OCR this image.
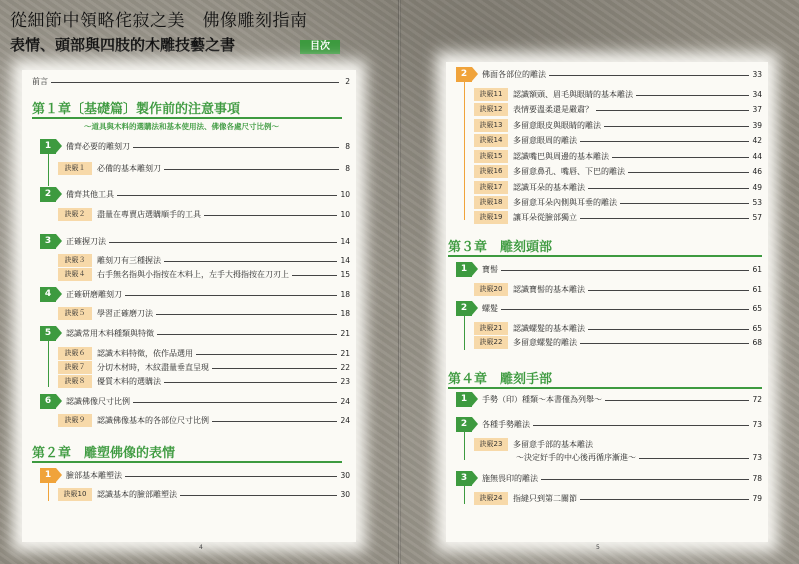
從細節中領略侘寂之美　佛像雕刻指南
表情、頭部與四肢的木雕技藝之書	目次
前言	2
第１章〔基礎篇〕製作前的注意事項
～道具與木料的選購法和基本使用法、佛像各處尺寸比例～
1	備齊必要的雕刻刀	8
訣竅１	必備的基本雕刻刀	8
2	備齊其他工具	10
訣竅２	盡量在專賣店選購順手的工具	10
3	正確握刀法	14
訣竅３	雕刻刀有三種握法	14
訣竅４	右手無名指與小指按在木料上，左手大拇指按在刀刃上	15
4	正確研磨雕刻刀	18
訣竅５	學習正確磨刀法	18
5	認識常用木料種類與特徵	21
訣竅６	認識木料特徵，依作品選用	21
訣竅７	分切木材時，木紋盡量垂直呈現	22
訣竅８	優質木料的選購法	23
6	認識佛像尺寸比例	24
訣竅９	認識佛像基本的各部位尺寸比例	24
第２章　雕塑佛像的表情
1	臉部基本雕塑法	30
訣竅10	認識基本的臉部雕塑法	30
4
2	佛面各部位的雕法	33
訣竅11	認識額頭、眉毛與眼睛的基本雕法	34
訣竅12	表情要溫柔還是嚴肅？	37
訣竅13	多留意眼皮與眼睛的雕法	39
訣竅14	多留意眼周的雕法	42
訣竅15	認識嘴巴與周邊的基本雕法	44
訣竅16	多留意鼻孔、嘴唇、下巴的雕法	46
訣竅17	認識耳朵的基本雕法	49
訣竅18	多留意耳朵內側與耳垂的雕法	53
訣竅19	讓耳朵從臉部獨立	57
第３章　雕刻頭部
1	寶髻	61
訣竅20	認識寶髻的基本雕法	61
2	螺髮	65
訣竅21	認識螺髮的基本雕法	65
訣竅22	多留意螺髮的雕法	68
第４章　雕刻手部
1	手勢（印）種類～本書僅為列舉～	72
2	各種手勢雕法	73
訣竅23	多留意手部的基本雕法
～決定好手的中心後再循序漸進～	73
3	施無畏印的雕法	78
訣竅24	指縫只到第二關節	79
5
